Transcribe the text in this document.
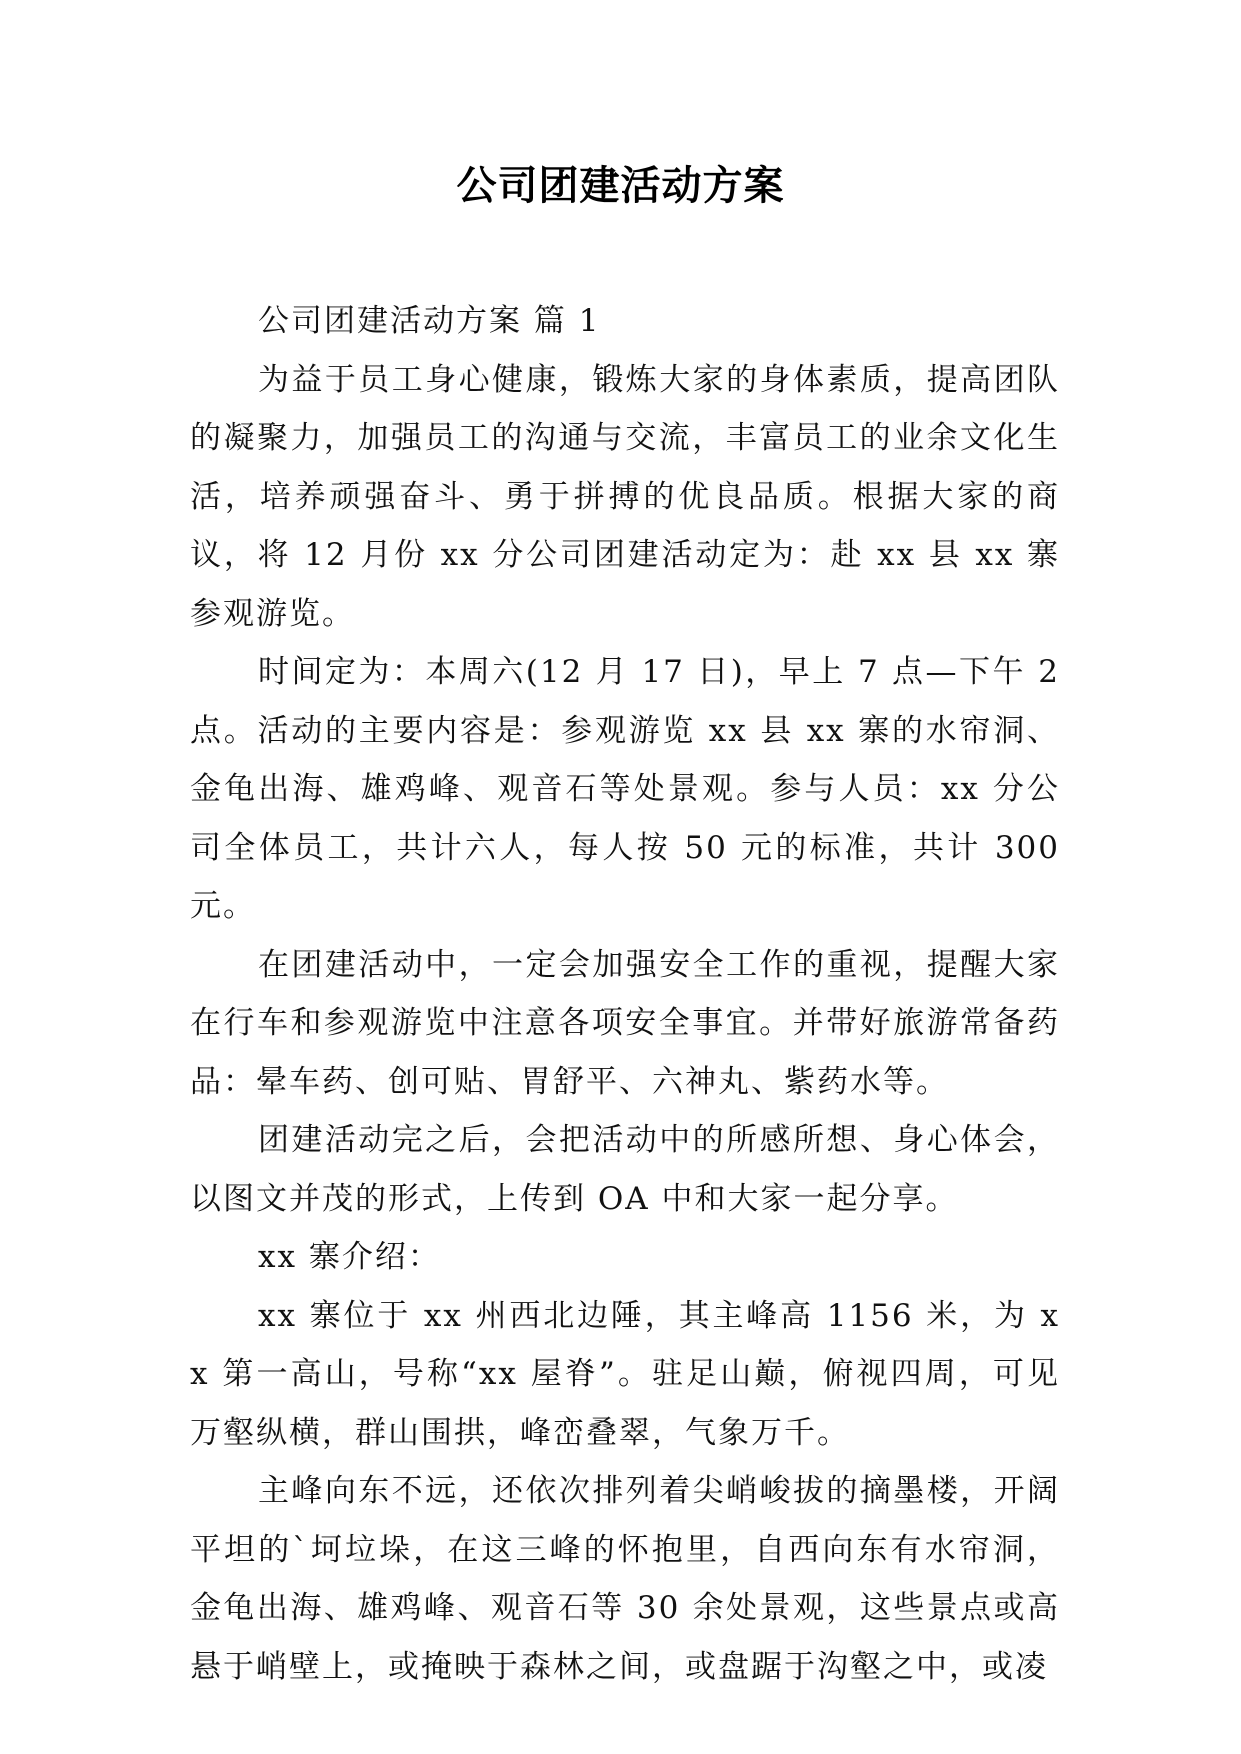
公司团建活动方案

公司团建活动方案 篇 1

为益于员工身心健康，锻炼大家的身体素质，提高团队的凝聚力，加强员工的沟通与交流，丰富员工的业余文化生活，培养顽强奋斗、勇于拼搏的优良品质。根据大家的商议，将 12 月份 xx 分公司团建活动定为：赴 xx 县 xx 寨参观游览。

时间定为：本周六(12 月 17 日)，早上 7 点—下午 2 点。活动的主要内容是：参观游览 xx 县 xx 寨的水帘洞、金龟出海、雄鸡峰、观音石等处景观。参与人员：xx 分公司全体员工，共计六人，每人按 50 元的标准，共计 300 元。

在团建活动中，一定会加强安全工作的重视，提醒大家在行车和参观游览中注意各项安全事宜。并带好旅游常备药品：晕车药、创可贴、胃舒平、六神丸、紫药水等。

团建活动完之后，会把活动中的所感所想、身心体会，以图文并茂的形式，上传到 OA 中和大家一起分享。

xx 寨介绍：

xx 寨位于 xx 州西北边陲，其主峰高 1156 米，为 xx 第一高山，号称“xx 屋脊”。驻足山巅，俯视四周，可见万壑纵横，群山围拱，峰峦叠翠，气象万千。

主峰向东不远，还依次排列着尖峭峻拔的摘墨楼，开阔平坦的`坷垃垛，在这三峰的怀抱里，自西向东有水帘洞，金龟出海、雄鸡峰、观音石等 30 余处景观，这些景点或高悬于峭壁上，或掩映于森林之间，或盘踞于沟壑之中，或凌
